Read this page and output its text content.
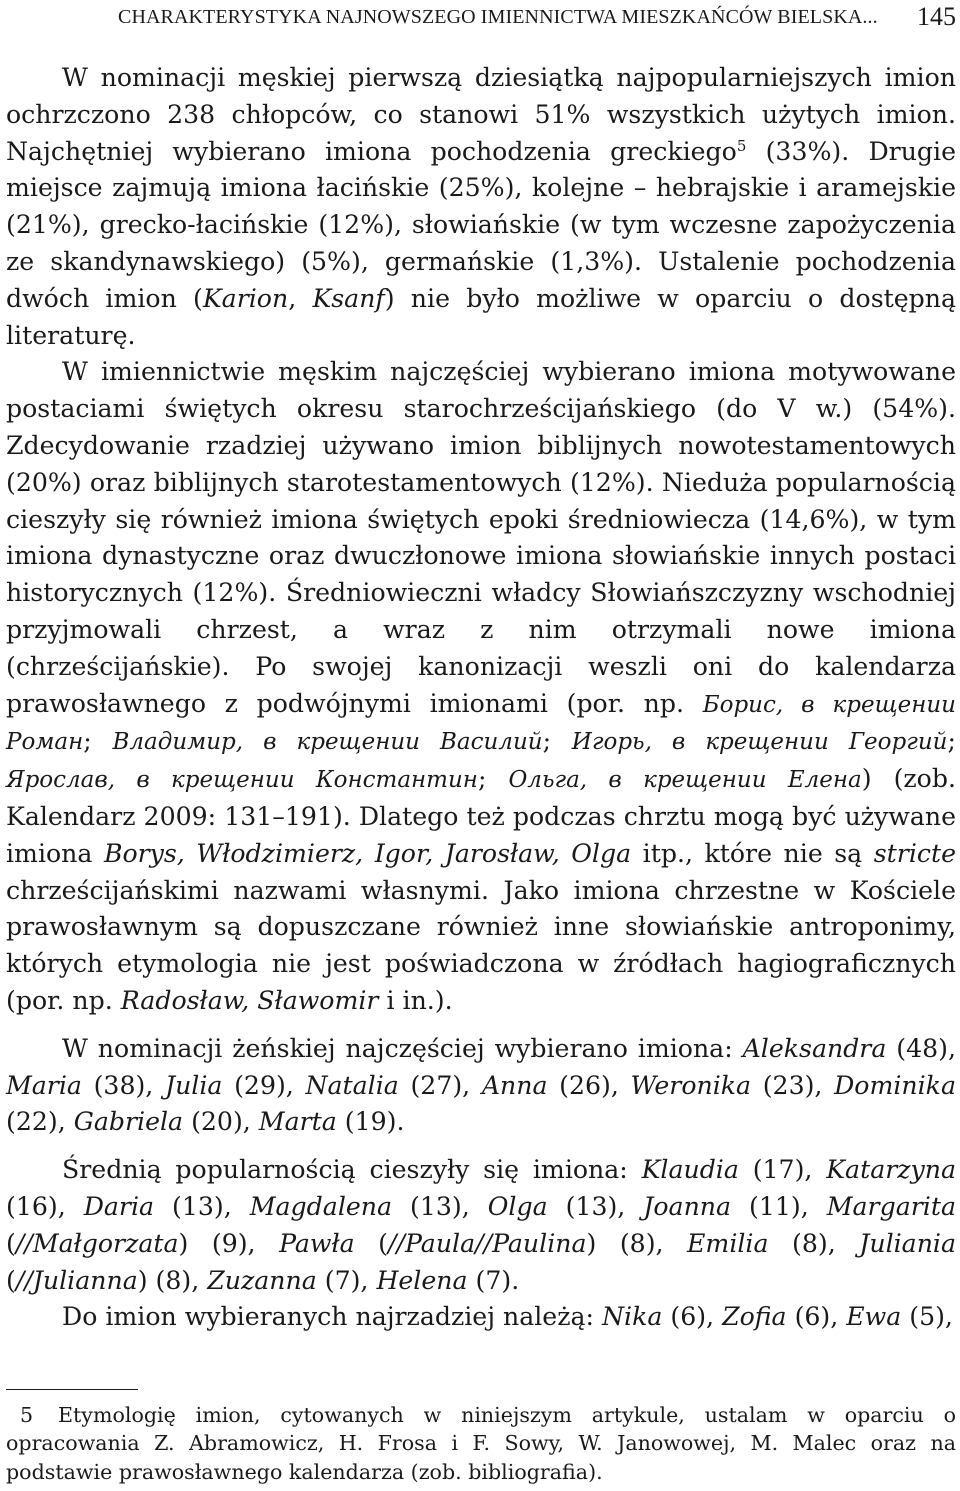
CHARAKTERYSTYKA NAJNOWSZEGO IMIENNICTWA MIESZKAŃCÓW BIELSKA... 145

W nominacji męskiej pierwszą dziesiątką najpopularniejszych imion ochrzczono 238 chłopców, co stanowi 51% wszystkich użytych imion. Najchętniej wybierano imiona pochodzenia greckiego$^5$ (33%). Drugie miejsce zajmują imiona łacińskie (25%), kolejne – hebrajskie i aramejskie (21%), grecko-łacińskie (12%), słowiańskie (w tym wczesne zapożyczenia ze skandynawskiego) (5%), germańskie (1,3%). Ustalenie pochodzenia dwóch imion (Karion, Ksanf) nie było możliwe w oparciu o dostępną literaturę.

W imiennictwie męskim najczęściej wybierano imiona motywowane postaciami świętych okresu starochrześcijańskiego (do V w.) (54%). Zdecydowanie rzadziej używano imion biblijnych nowotestamentowych (20%) oraz biblijnych starotestamentowych (12%). Nieduża popularnością cieszyły się również imiona świętych epoki średniowiecza (14,6%), w tym imiona dynastyczne oraz dwuczłonowe imiona słowiańskie innych postaci historycznych (12%). Średniowieczni władcy Słowiańszczyzny wschodniej przyjmowali chrzest, a wraz z nim otrzymali nowe imiona (chrześcijańskie). Po swojej kanonizacji weszli oni do kalendarza prawosławnego z podwójnymi imionami (por. np. Борис, в крещении Роман; Владимир, в крещении Василий; Игорь, в крещении Георгий; Ярослав, в крещении Константин; Ольга, в крещении Елена) (zob. Kalendarz 2009: 131–191). Dlatego też podczas chrztu mogą być używane imiona Borys, Włodzimierz, Igor, Jarosław, Olga itp., które nie są stricte chrześcijańskimi nazwami własnymi. Jako imiona chrzestne w Kościele prawosławnym są dopuszczane również inne słowiańskie antroponimy, których etymologia nie jest poświadczona w źródłach hagiograficznych (por. np. Radosław, Sławomir i in.).

W nominacji żeńskiej najczęściej wybierano imiona: Aleksandra (48), Maria (38), Julia (29), Natalia (27), Anna (26), Weronika (23), Dominika (22), Gabriela (20), Marta (19).

Średnią popularnością cieszyły się imiona: Klaudia (17), Katarzyna (16), Daria (13), Magdalena (13), Olga (13), Joanna (11), Margarita (//Małgorzata) (9), Pawła (//Paula//Paulina) (8), Emilia (8), Juliania (//Julianna) (8), Zuzanna (7), Helena (7).

Do imion wybieranych najrzadziej należą: Nika (6), Zofia (6), Ewa (5),

5 Etymologię imion, cytowanych w niniejszym artykule, ustalam w oparciu o opracowania Z. Abramowicz, H. Frosa i F. Sowy, W. Janowowej, M. Malec oraz na podstawie prawosławnego kalendarza (zob. bibliografia).
